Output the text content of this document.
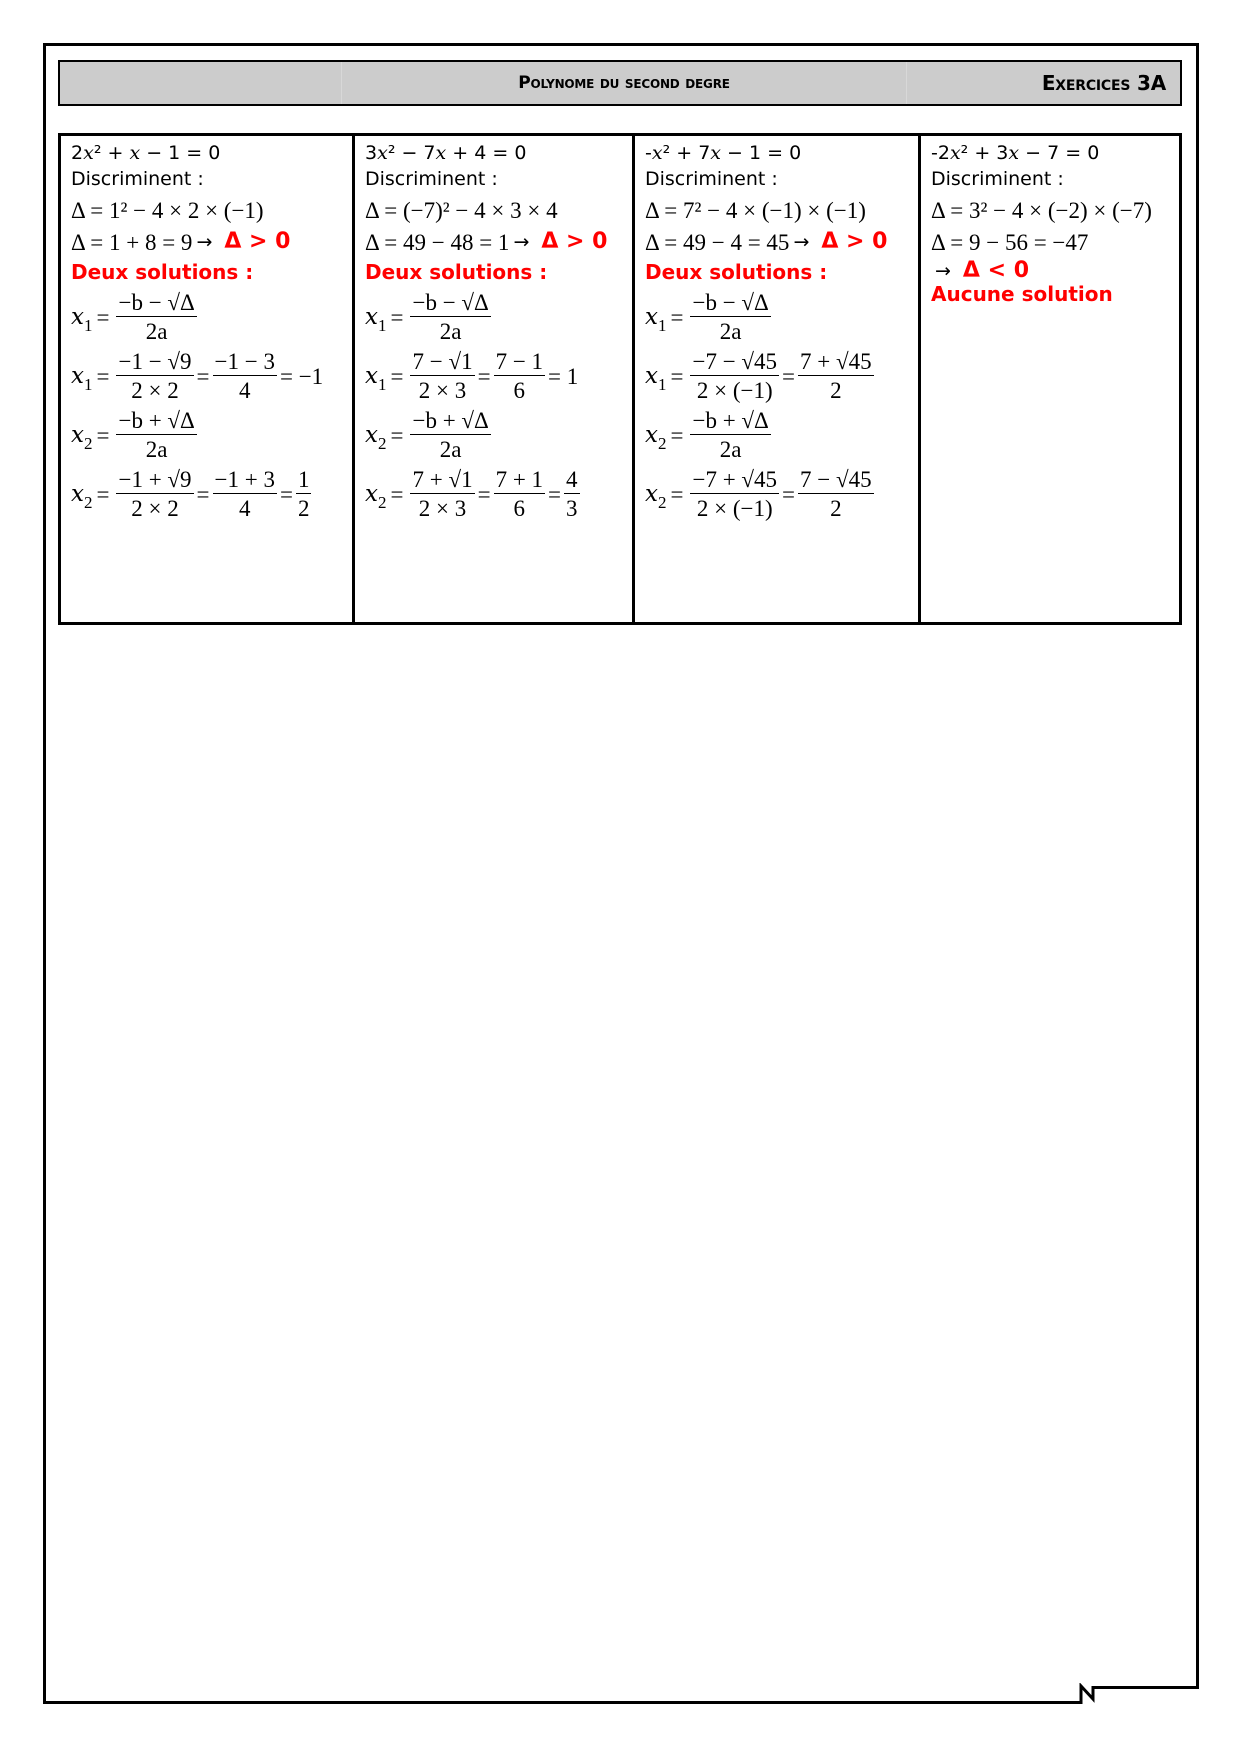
Polynome du second degre	Exercices 3A
2x² + x − 1 = 0
Discriminent :
Δ = 1² − 4 × 2 × (−1)
Δ = 1 + 8 = 9 → Δ > 0
Deux solutions :
x $1 = \frac{-b - √\Delta}{2a}$
x $1 = \frac{-1 - √9}{2 \times 2} = \frac{-1 - 3}{4} = -1$
x $2 = \frac{-b + √\Delta}{2a}$
x $2 = \frac{-1 + √9}{2 \times 2} = \frac{-1 + 3}{4} = \frac{1}{2}$
3x² − 7x + 4 = 0
Discriminent :
Δ = (−7)² − 4 × 3 × 4
Δ = 49 − 48 = 1 → Δ > 0
Deux solutions :
x $1 = \frac{-b - √\Delta}{2a}$
x $1 = \frac{7 - √1}{2 \times 3} = \frac{7 - 1}{6} = 1$
x $2 = \frac{-b + √\Delta}{2a}$
x $2 = \frac{7 + √1}{2 \times 3} = \frac{7 + 1}{6} = \frac{4}{3}$
-x² + 7x − 1 = 0
Discriminent :
Δ = 7² − 4 × (−1) × (−1)
Δ = 49 − 4 = 45 → Δ > 0
Deux solutions :
x $1 = \frac{-b - √\Delta}{2a}$
x $1 = \frac{-7 - √45}{2 \times (-1)} = \frac{7 + √45}{2}$
x $2 = \frac{-b + √\Delta}{2a}$
x $2 = \frac{-7 + √45}{2 \times (-1)} = \frac{7 - √45}{2}$
-2x² + 3x − 7 = 0
Discriminent :
Δ = 3² − 4 × (−2) × (−7)
Δ = 9 − 56 = −47
→ Δ < 0
Aucune solution
